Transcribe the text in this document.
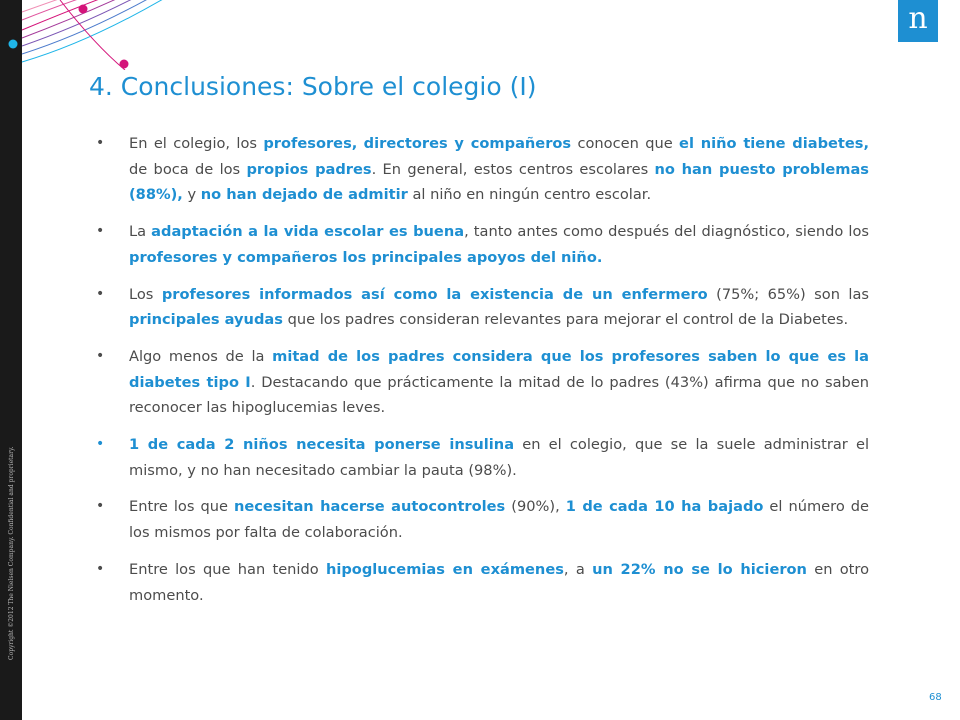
Copyright ©2012 The Nielsen Company. Confidential and proprietary.
n
4. Conclusiones: Sobre el colegio (I)
• En el colegio, los profesores, directores y compañeros conocen que el niño tiene diabetes, de boca de los propios padres. En general, estos centros escolares no han puesto problemas (88%), y no han dejado de admitir al niño en ningún centro escolar.
• La adaptación a la vida escolar es buena, tanto antes como después del diagnóstico, siendo los profesores y compañeros los principales apoyos del niño.
• Los profesores informados así como la existencia de un enfermero (75%; 65%) son las principales ayudas que los padres consideran relevantes para mejorar el control de la Diabetes.
• Algo menos de la mitad de los padres considera que los profesores saben lo que es la diabetes tipo I. Destacando que prácticamente la mitad de lo padres (43%) afirma que no saben reconocer las hipoglucemias leves.
• 1 de cada 2 niños necesita ponerse insulina en el colegio, que se la suele administrar el mismo, y no han necesitado cambiar la pauta (98%).
• Entre los que necesitan hacerse autocontroles (90%), 1 de cada 10 ha bajado el número de los mismos por falta de colaboración.
• Entre los que han tenido hipoglucemias en exámenes, a un 22% no se lo hicieron en otro momento.
68
